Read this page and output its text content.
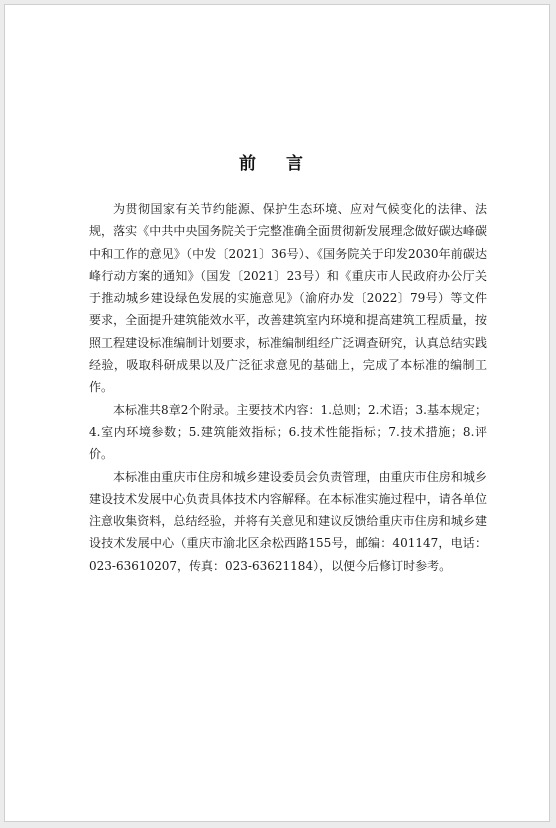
前 言

为贯彻国家有关节约能源、保护生态环境、应对气候变化的法律、法规，落实《中共中央国务院关于完整准确全面贯彻新发展理念做好碳达峰碳中和工作的意见》（中发〔2021〕36号）、《国务院关于印发2030年前碳达峰行动方案的通知》（国发〔2021〕23号）和《重庆市人民政府办公厅关于推动城乡建设绿色发展的实施意见》（渝府办发〔2022〕79号）等文件要求，全面提升建筑能效水平，改善建筑室内环境和提高建筑工程质量，按照工程建设标准编制计划要求，标准编制组经广泛调查研究，认真总结实践经验，吸取科研成果以及广泛征求意见的基础上，完成了本标准的编制工作。

本标准共8章2个附录。主要技术内容：1.总则；2.术语；3.基本规定；4.室内环境参数；5.建筑能效指标；6.技术性能指标；7.技术措施；8.评价。

本标准由重庆市住房和城乡建设委员会负责管理，由重庆市住房和城乡建设技术发展中心负责具体技术内容解释。在本标准实施过程中，请各单位注意收集资料，总结经验，并将有关意见和建议反馈给重庆市住房和城乡建设技术发展中心（重庆市渝北区余松西路155号，邮编：401147，电话：023-63610207，传真：023-63621184），以便今后修订时参考。
